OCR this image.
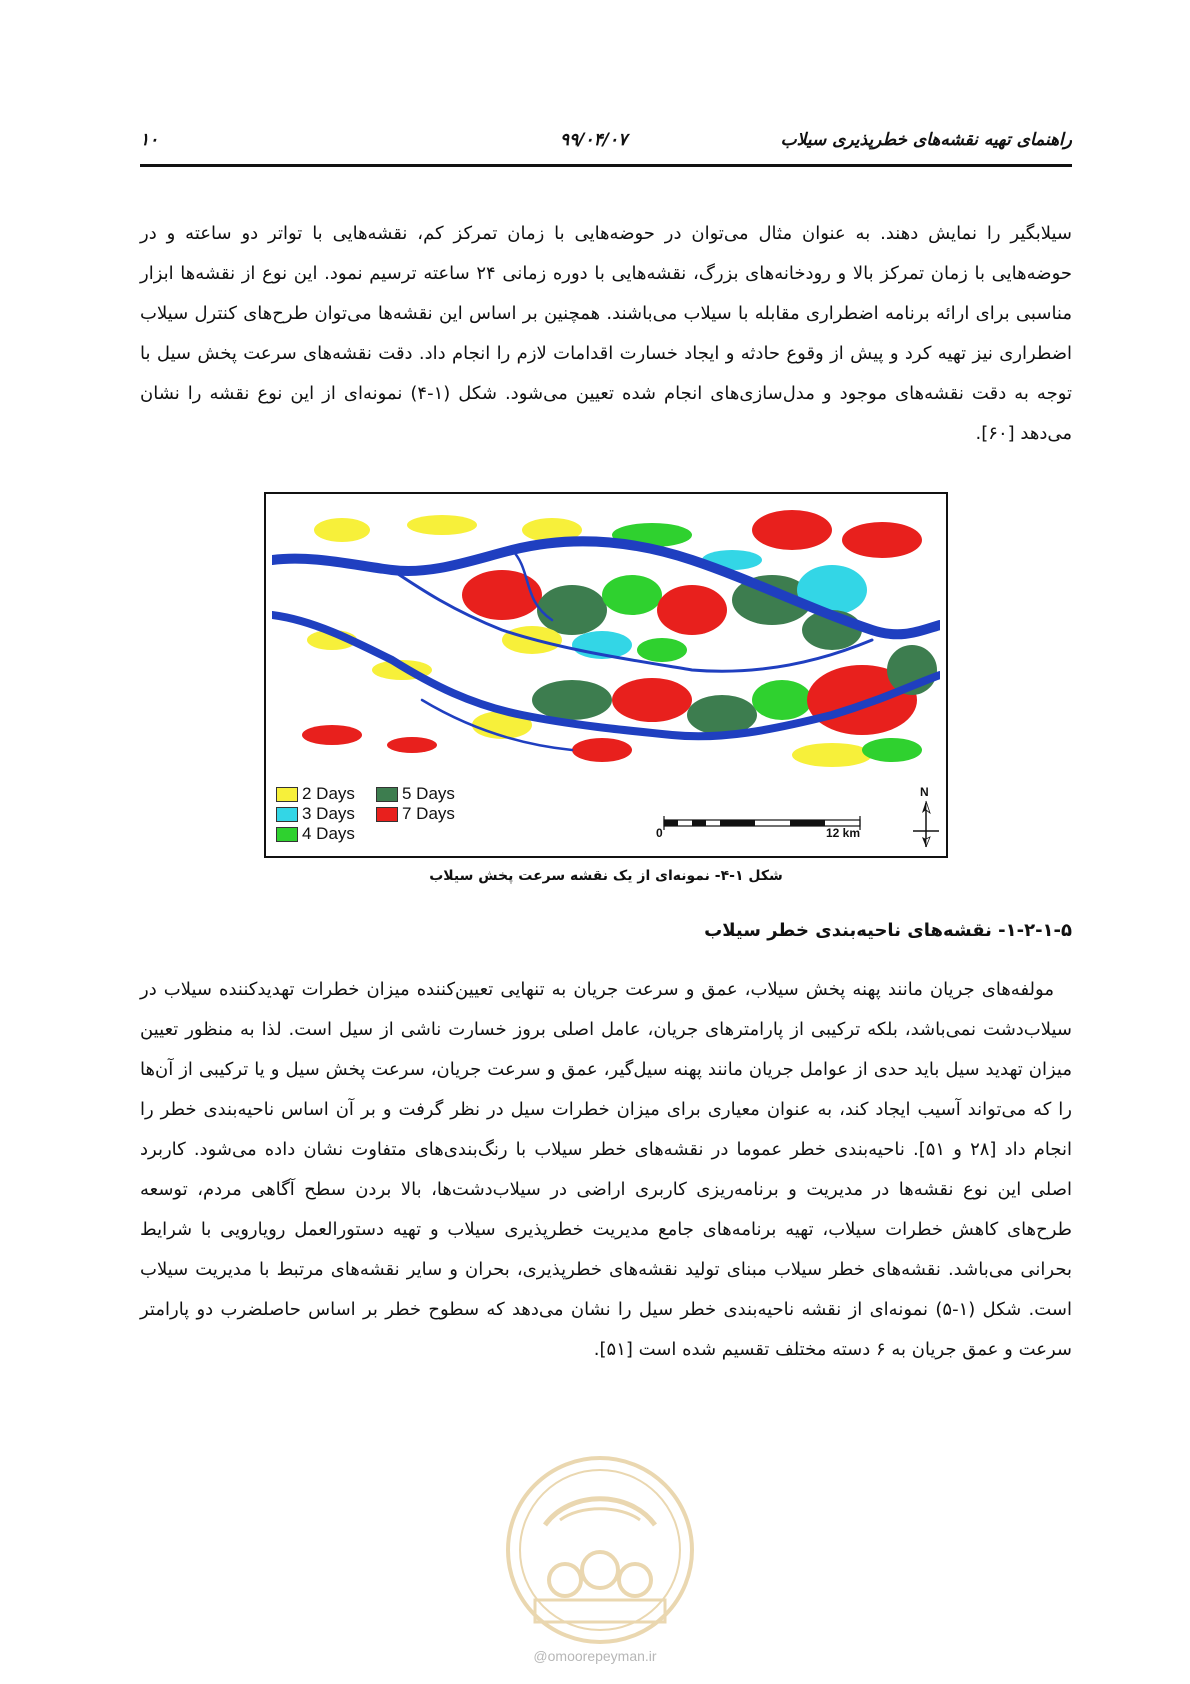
راهنمای تهیه نقشه‌های خطرپذیری سیلاب
۹۹/۰۴/۰۷
۱۰

سیلابگیر را نمایش دهند. به عنوان مثال می‌توان در حوضه‌هایی با زمان تمرکز کم، نقشه‌هایی با تواتر دو ساعته و در حوضه‌هایی با زمان تمرکز بالا و رودخانه‌های بزرگ، نقشه‌هایی با دوره زمانی ۲۴ ساعته ترسیم نمود. این نوع از نقشه‌ها ابزار مناسبی برای ارائه برنامه اضطراری مقابله با سیلاب می‌باشند. همچنین بر اساس این نقشه‌ها می‌توان طرح‌های کنترل سیلاب اضطراری نیز تهیه کرد و پیش از وقوع حادثه و ایجاد خسارت اقدامات لازم را انجام داد. دقت نقشه‌های سرعت پخش سیل با توجه به دقت نقشه‌های موجود و مدل‌سازی‌های انجام شده تعیین می‌شود. شکل (۱-۴) نمونه‌ای از این نوع نقشه را نشان می‌دهد [۶۰].

2 Days
3 Days
4 Days
5 Days
7 Days
0	12 km
N
شکل ۱-۴- نمونه‌ای از یک نقشه سرعت پخش سیلاب
۱-۲-۱-۵- نقشه‌های ناحیه‌بندی خطر سیلاب

مولفه‌های جریان مانند پهنه پخش سیلاب، عمق و سرعت جریان به تنهایی تعیین‌کننده میزان خطرات تهدیدکننده سیلاب در سیلاب‌دشت نمی‌باشد، بلکه ترکیبی از پارامترهای جریان، عامل اصلی بروز خسارت ناشی از سیل است. لذا به منظور تعیین میزان تهدید سیل باید حدی از عوامل جریان مانند پهنه سیل‌گیر، عمق و سرعت جریان، سرعت پخش سیل و یا ترکیبی از آن‌ها را که می‌تواند آسیب ایجاد کند، به عنوان معیاری برای میزان خطرات سیل در نظر گرفت و بر آن اساس ناحیه‌بندی خطر را انجام داد [۲۸ و ۵۱]. ناحیه‌بندی خطر عموما در نقشه‌های خطر سیلاب با رنگ‌بندی‌های متفاوت نشان داده می‌شود. کاربرد اصلی این نوع نقشه‌ها در مدیریت و برنامه‌ریزی کاربری اراضی در سیلاب‌دشت‌ها، بالا بردن سطح آگاهی مردم، توسعه طرح‌های کاهش خطرات سیلاب، تهیه برنامه‌های جامع مدیریت خطرپذیری سیلاب و تهیه دستورالعمل رویارویی با شرایط بحرانی می‌باشد. نقشه‌های خطر سیلاب مبنای تولید نقشه‌های خطرپذیری، بحران و سایر نقشه‌های مرتبط با مدیریت سیلاب است. شکل (۱-۵) نمونه‌ای از نقشه ناحیه‌بندی خطر سیل را نشان می‌دهد که سطوح خطر بر اساس حاصلضرب دو پارامتر سرعت و عمق جریان به ۶ دسته مختلف تقسیم شده است [۵۱].

@omoorepeyman.ir
